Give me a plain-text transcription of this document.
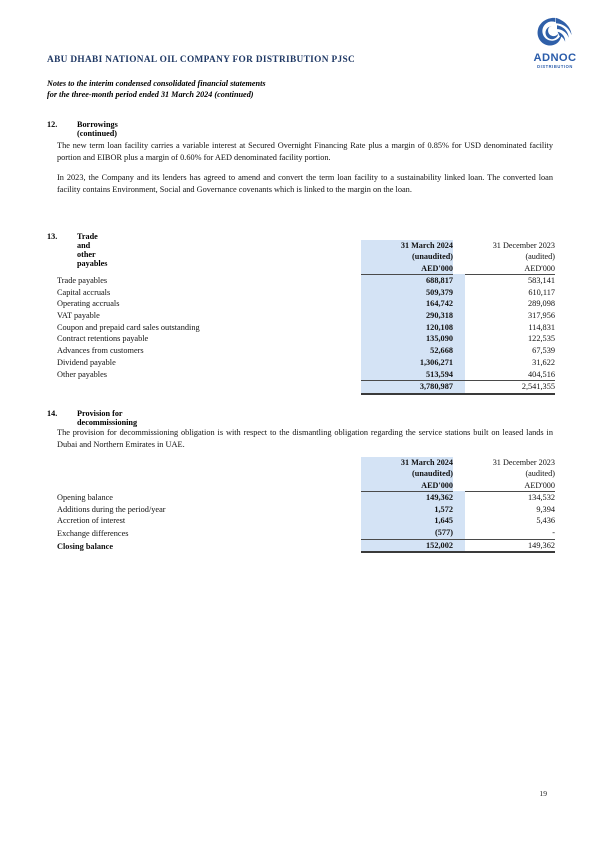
ADNOC
DISTRIBUTION
ABU DHABI NATIONAL OIL COMPANY FOR DISTRIBUTION PJSC
Notes to the interim condensed consolidated financial statements
for the three-month period ended 31 March 2024 (continued)
12. Borrowings (continued)
The new term loan facility carries a variable interest at Secured Overnight Financing Rate plus a margin of 0.85% for USD denominated facility portion and EIBOR plus a margin of 0.60% for AED denominated facility portion.
In 2023, the Company and its lenders has agreed to amend and convert the term loan facility to a sustainability linked loan. The converted loan facility contains Environment, Social and Governance covenants which is linked to the margin on the loan.
13. Trade and other payables
	31 March 2024		31 December 2023
	(unaudited)		(audited)
	AED'000		AED'000
Trade payables	688,817		583,141
Capital accruals	509,379		610,117
Operating accruals	164,742		289,098
VAT payable	290,318		317,956
Coupon and prepaid card sales outstanding	120,108		114,831
Contract retentions payable	135,090		122,535
Advances from customers	52,668		67,539
Dividend payable	1,306,271		31,622
Other payables	513,594		404,516
	3,780,987		2,541,355
14. Provision for decommissioning
The provision for decommissioning obligation is with respect to the dismantling obligation regarding the service stations built on leased lands in Dubai and Northern Emirates in UAE.
	31 March 2024		31 December 2023
	(unaudited)		(audited)
	AED'000		AED'000
Opening balance	149,362		134,532
Additions during the period/year	1,572		9,394
Accretion of interest	1,645		5,436
Exchange differences	(577)		-
Closing balance	152,002		149,362
19
